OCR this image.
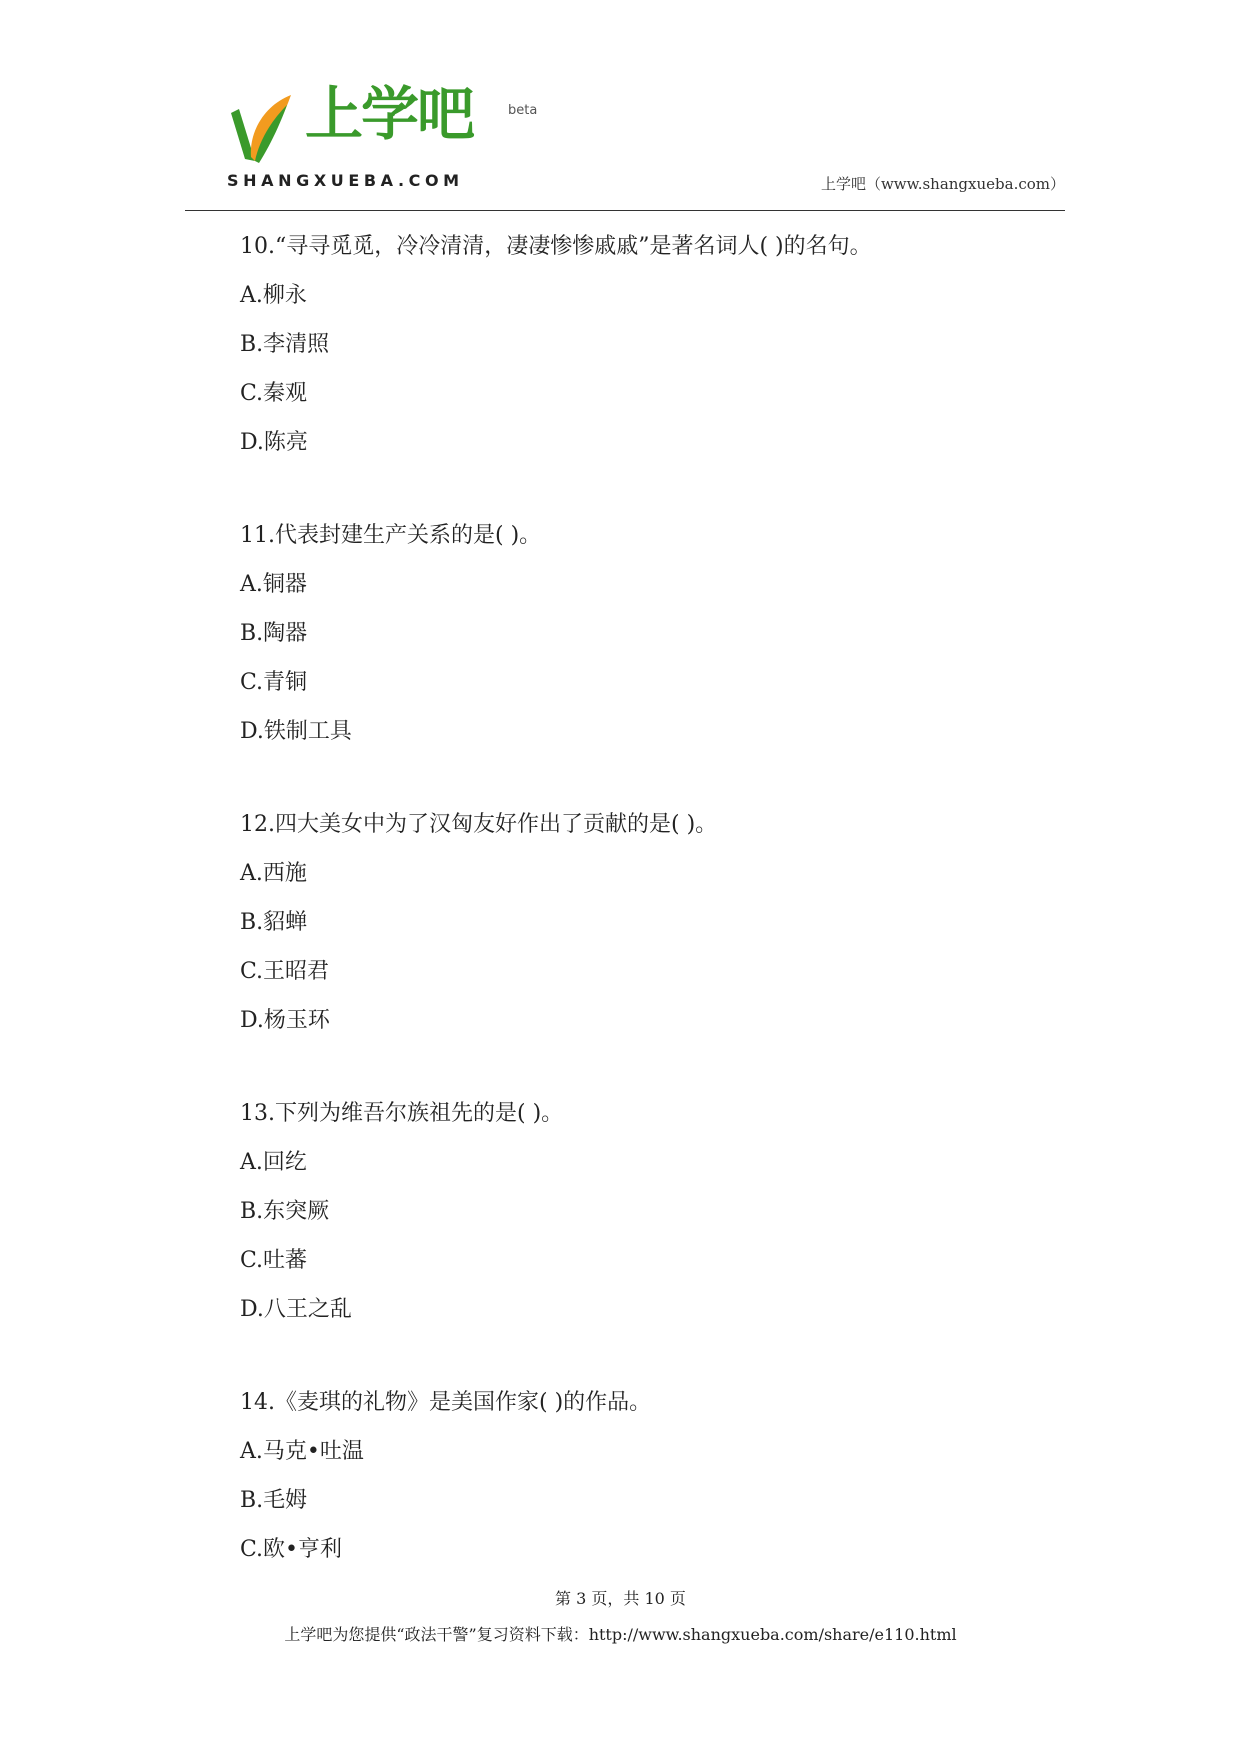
上学吧	beta
SHANGXUEBA.COM	上学吧（www.shangxueba.com）
10.“寻寻觅觅，冷冷清清，凄凄惨惨戚戚”是著名词人( )的名句。
A.柳永
B.李清照
C.秦观
D.陈亮
11.代表封建生产关系的是( )。
A.铜器
B.陶器
C.青铜
D.铁制工具
12.四大美女中为了汉匈友好作出了贡献的是( )。
A.西施
B.貂蝉
C.王昭君
D.杨玉环
13.下列为维吾尔族祖先的是( )。
A.回纥
B.东突厥
C.吐蕃
D.八王之乱
14.《麦琪的礼物》是美国作家( )的作品。
A.马克•吐温
B.毛姆
C.欧•亨利
第 3 页，共 10 页
上学吧为您提供“政法干警”复习资料下载：http://www.shangxueba.com/share/e110.html
